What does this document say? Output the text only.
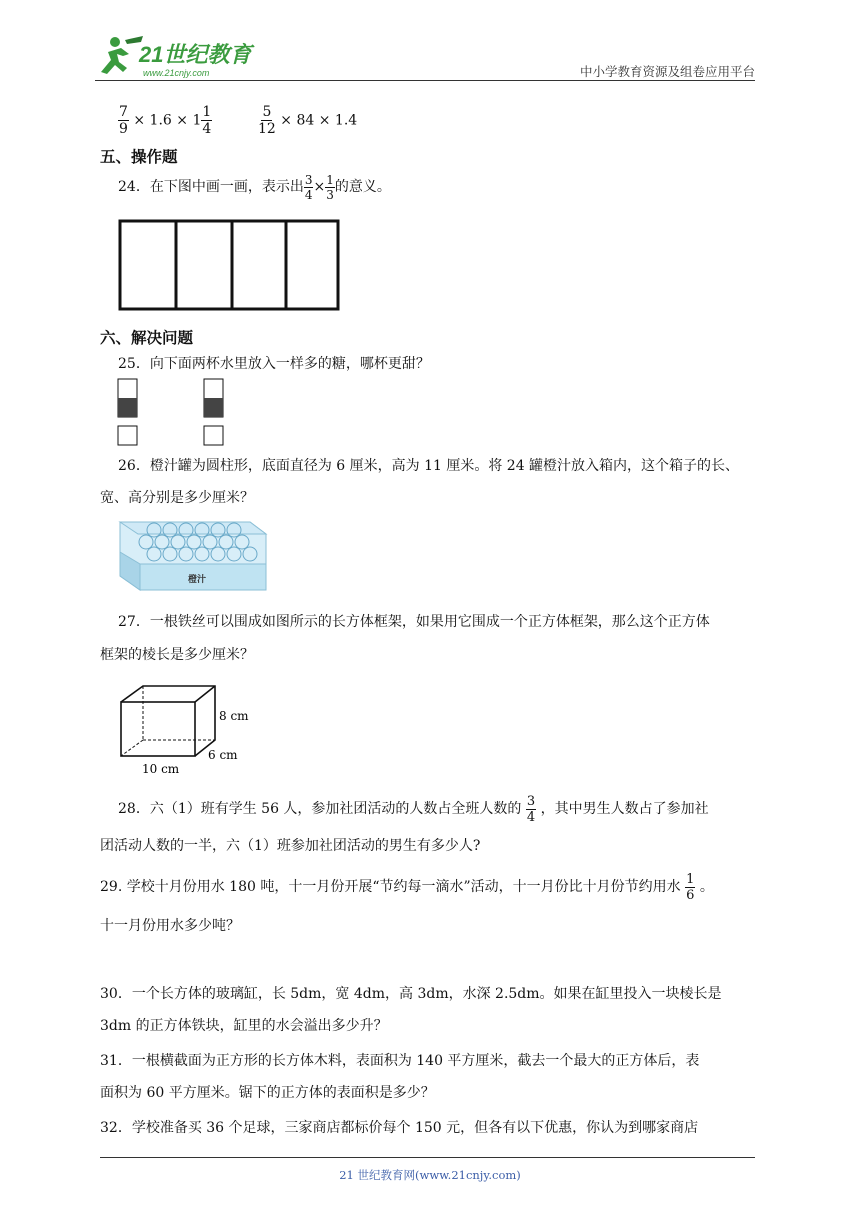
21世纪教育
www.21cnjy.com	中小学教育资源及组卷应用平台
$\frac{7}{9} \times 1.6 \times 1 \frac{1}{4}$	$\frac{5}{12} \times 84 \times 1.4$
五、操作题
24．在下图中画一画，表示出 $\frac{3}{4} \times \frac{1}{3}$ 的意义。
六、解决问题
25．向下面两杯水里放入一样多的糖，哪杯更甜？
26．橙汁罐为圆柱形，底面直径为 6 厘米，高为 11 厘米。将 24 罐橙汁放入箱内，这个箱子的长、
宽、高分别是多少厘米？
橙汁
27．一根铁丝可以围成如图所示的长方体框架，如果用它围成一个正方体框架，那么这个正方体
框架的棱长是多少厘米？
8 cm
6 cm
10 cm
28．六（1）班有学生 56 人，参加社团活动的人数占全班人数的 $\frac{3}{4}$ ，其中男生人数占了参加社
团活动人数的一半，六（1）班参加社团活动的男生有多少人?
29. 学校十月份用水 180 吨，十一月份开展“节约每一滴水”活动，十一月份比十月份节约用水 $\frac{1}{6}$ 。
十一月份用水多少吨？
30．一个长方体的玻璃缸，长 5dm，宽 4dm，高 3dm，水深 2.5dm。如果在缸里投入一块棱长是
3dm 的正方体铁块，缸里的水会溢出多少升？
31．一根横截面为正方形的长方体木料，表面积为 140 平方厘米，截去一个最大的正方体后，表
面积为 60 平方厘米。锯下的正方体的表面积是多少？
32．学校准备买 36 个足球，三家商店都标价每个 150 元，但各有以下优惠，你认为到哪家商店
21 世纪教育网(www.21cnjy.com)
